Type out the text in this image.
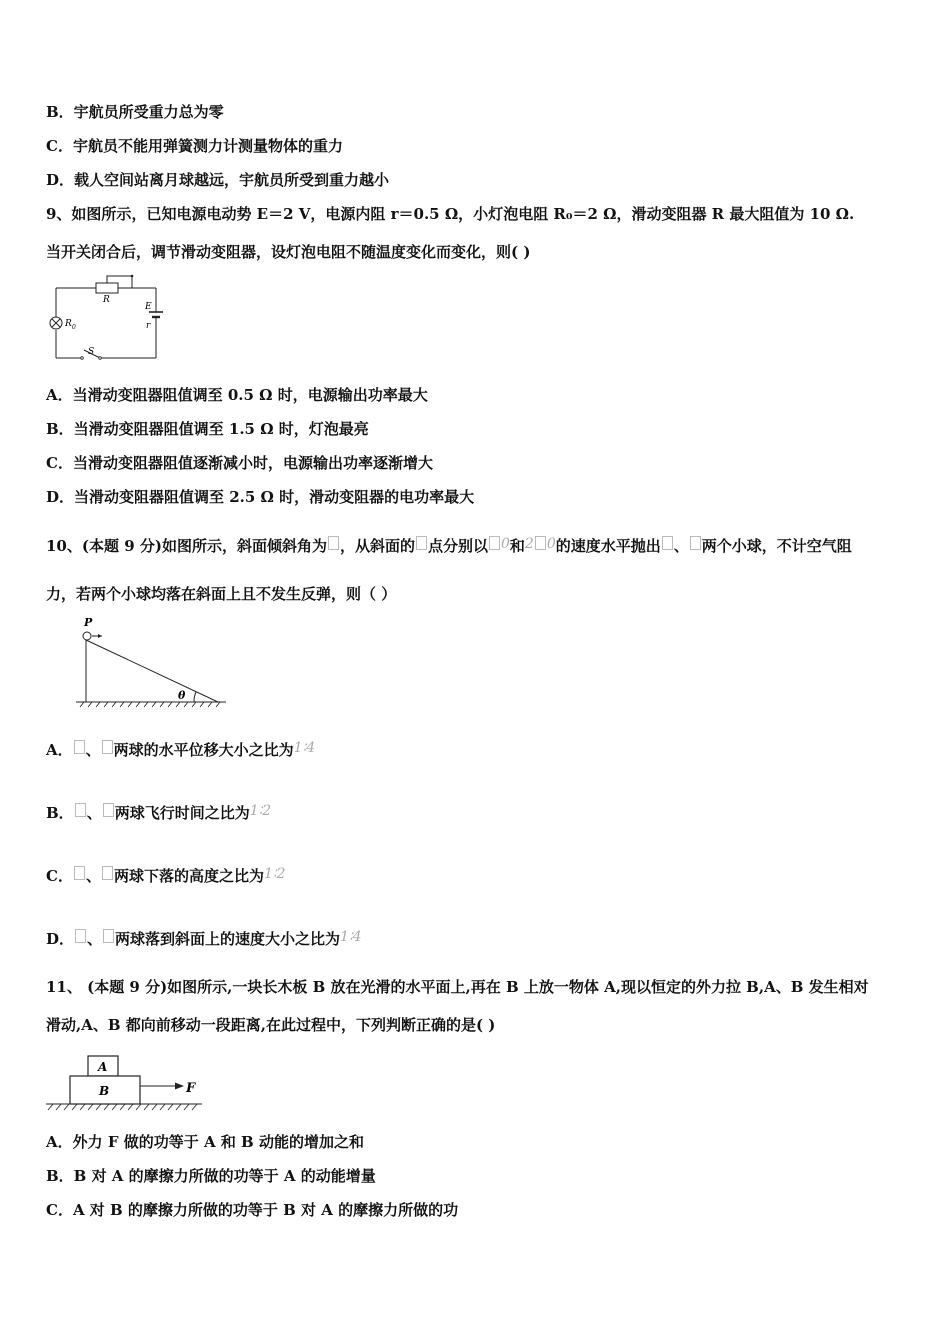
B．宇航员所受重力总为零
C．宇航员不能用弹簧测力计测量物体的重力
D．载人空间站离月球越远，宇航员所受到重力越小
9、如图所示，已知电源电动势 E＝2 V，电源内阻 r＝0.5 Ω，小灯泡电阻 R₀＝2 Ω，滑动变阻器 R 最大阻值为 10 Ω.
当开关闭合后，调节滑动变阻器，设灯泡电阻不随温度变化而变化，则( )
R
E
r
R 0
S
A．当滑动变阻器阻值调至 0.5 Ω 时，电源输出功率最大
B．当滑动变阻器阻值调至 1.5 Ω 时，灯泡最亮
C．当滑动变阻器阻值逐渐减小时，电源输出功率逐渐增大
D．当滑动变阻器阻值调至 2.5 Ω 时，滑动变阻器的电功率最大
10、(本题 9 分)如图所示，斜面倾斜角为 ，从斜面的 点分别以 0和2 0的速度水平抛出 、 两个小球，不计空气阻
力，若两个小球均落在斜面上且不发生反弹，则（ ）
P
θ
A． 、 两球的水平位移大小之比为1∶4
B． 、 两球飞行时间之比为1∶2
C． 、 两球下落的高度之比为1∶2
D． 、 两球落到斜面上的速度大小之比为1∶4
11、 (本题 9 分)如图所示,一块长木板 B 放在光滑的水平面上,再在 B 上放一物体 A,现以恒定的外力拉 B,A、B 发生相对
滑动,A、B 都向前移动一段距离,在此过程中，下列判断正确的是( )
A
B	F
A．外力 F 做的功等于 A 和 B 动能的增加之和
B．B 对 A 的摩擦力所做的功等于 A 的动能增量
C．A 对 B 的摩擦力所做的功等于 B 对 A 的摩擦力所做的功
